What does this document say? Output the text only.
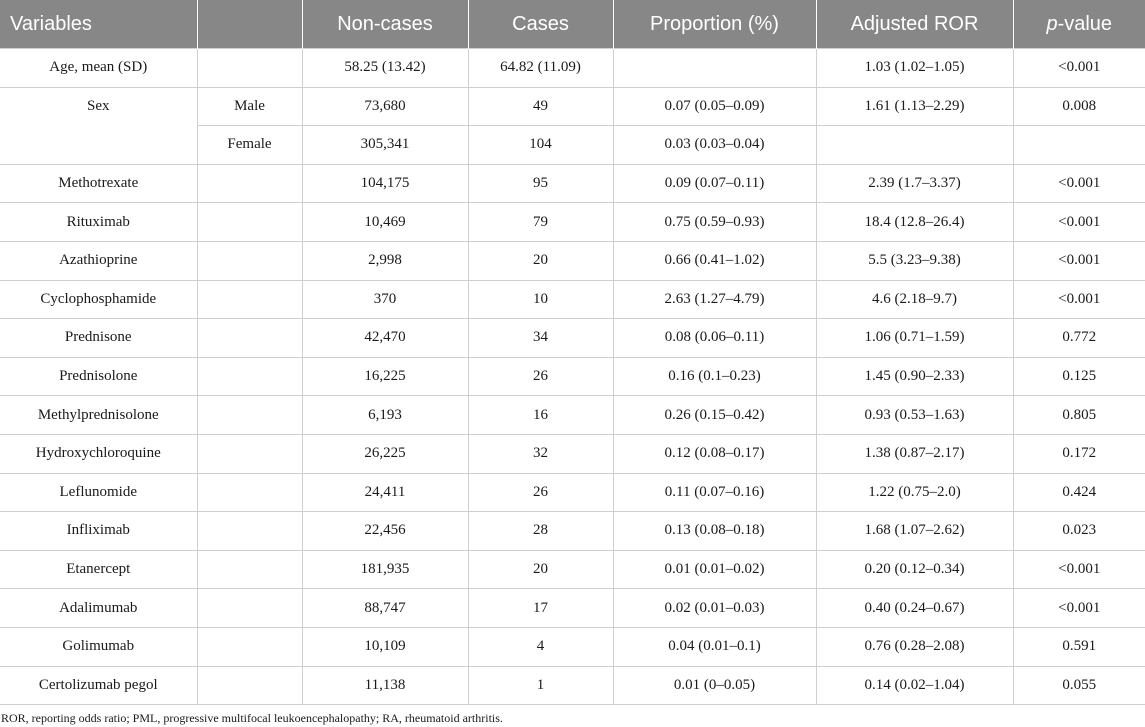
Variables		Non-cases	Cases	Proportion (%)	Adjusted ROR	p-value
Age, mean (SD)		58.25 (13.42)	64.82 (11.09)		1.03 (1.02–1.05)	<0.001
Sex	Male	73,680	49	0.07 (0.05–0.09)	1.61 (1.13–2.29)	0.008
	Female	305,341	104	0.03 (0.03–0.04)		
Methotrexate		104,175	95	0.09 (0.07–0.11)	2.39 (1.7–3.37)	<0.001
Rituximab		10,469	79	0.75 (0.59–0.93)	18.4 (12.8–26.4)	<0.001
Azathioprine		2,998	20	0.66 (0.41–1.02)	5.5 (3.23–9.38)	<0.001
Cyclophosphamide		370	10	2.63 (1.27–4.79)	4.6 (2.18–9.7)	<0.001
Prednisone		42,470	34	0.08 (0.06–0.11)	1.06 (0.71–1.59)	0.772
Prednisolone		16,225	26	0.16 (0.1–0.23)	1.45 (0.90–2.33)	0.125
Methylprednisolone		6,193	16	0.26 (0.15–0.42)	0.93 (0.53–1.63)	0.805
Hydroxychloroquine		26,225	32	0.12 (0.08–0.17)	1.38 (0.87–2.17)	0.172
Leflunomide		24,411	26	0.11 (0.07–0.16)	1.22 (0.75–2.0)	0.424
Infliximab		22,456	28	0.13 (0.08–0.18)	1.68 (1.07–2.62)	0.023
Etanercept		181,935	20	0.01 (0.01–0.02)	0.20 (0.12–0.34)	<0.001
Adalimumab		88,747	17	0.02 (0.01–0.03)	0.40 (0.24–0.67)	<0.001
Golimumab		10,109	4	0.04 (0.01–0.1)	0.76 (0.28–2.08)	0.591
Certolizumab pegol		11,138	1	0.01 (0–0.05)	0.14 (0.02–1.04)	0.055
ROR, reporting odds ratio; PML, progressive multifocal leukoencephalopathy; RA, rheumatoid arthritis.
